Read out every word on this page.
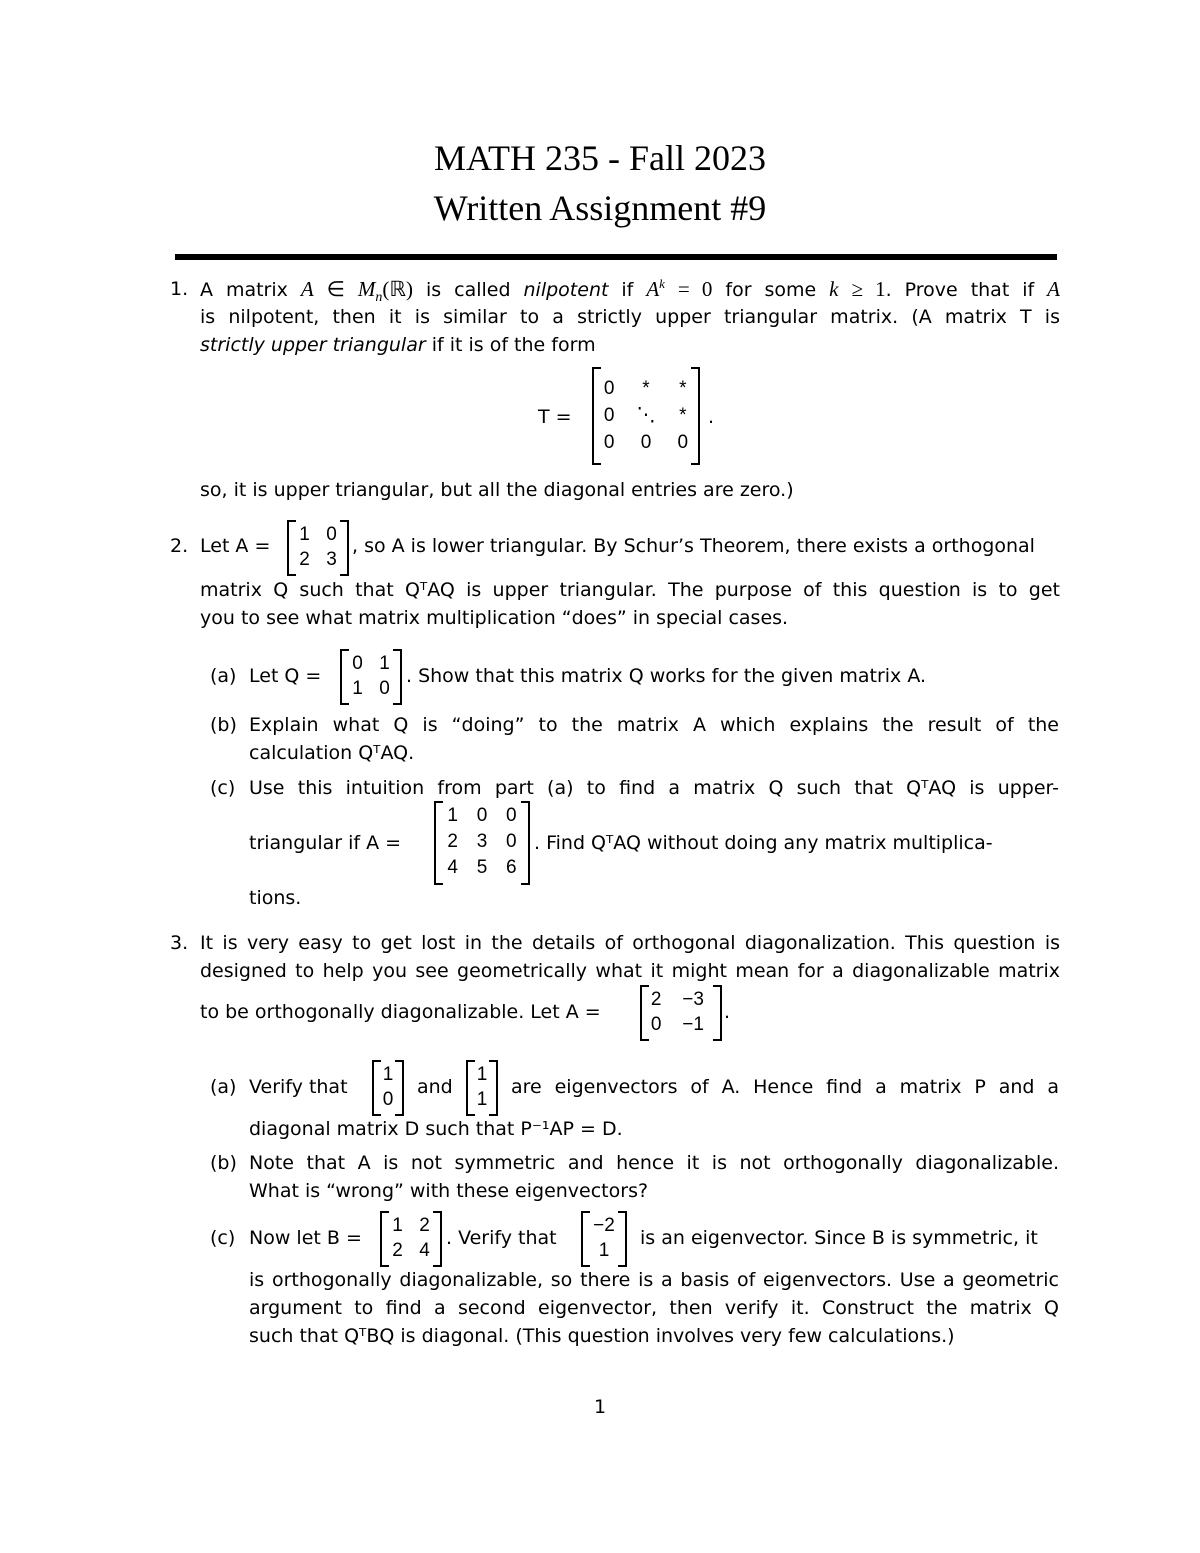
MATH 235 - Fall 2023
Written Assignment #9
1. A matrix A ∈ $M_n(ℝ)$ is called nilpotent if $A^k = 0$ for some k ≥ 1. Prove that if A
is nilpotent, then it is similar to a strictly upper triangular matrix. (A matrix T is
strictly upper triangular if it is of the form
T =
0	*	*
0	⋱	*
0	0	0
.
so, it is upper triangular, but all the diagonal entries are zero.)
2. Let A =
1	0
2	3
, so A is lower triangular. By Schur’s Theorem, there exists a orthogonal
matrix Q such that QᵀAQ is upper triangular. The purpose of this question is to get
you to see what matrix multiplication “does” in special cases.
(a) Let Q =
0	1
1	0
. Show that this matrix Q works for the given matrix A.
(b) Explain what Q is “doing” to the matrix A which explains the result of the
calculation QᵀAQ.
(c) Use this intuition from part (a) to find a matrix Q such that QᵀAQ is upper-
triangular if A =
1	0	0
2	3	0
4	5	6
. Find QᵀAQ without doing any matrix multiplica-
tions.
3. It is very easy to get lost in the details of orthogonal diagonalization. This question is
designed to help you see geometrically what it might mean for a diagonalizable matrix
to be orthogonally diagonalizable. Let A =
2	−3
0	−1
.
(a) Verify that
1
0
and
1
1
are eigenvectors of A. Hence find a matrix P and a
diagonal matrix D such that P⁻¹AP = D.
(b) Note that A is not symmetric and hence it is not orthogonally diagonalizable.
What is “wrong” with these eigenvectors?
(c) Now let B =
1	2
2	4
. Verify that
−2
1
is an eigenvector. Since B is symmetric, it
is orthogonally diagonalizable, so there is a basis of eigenvectors. Use a geometric
argument to find a second eigenvector, then verify it. Construct the matrix Q
such that QᵀBQ is diagonal. (This question involves very few calculations.)
1
